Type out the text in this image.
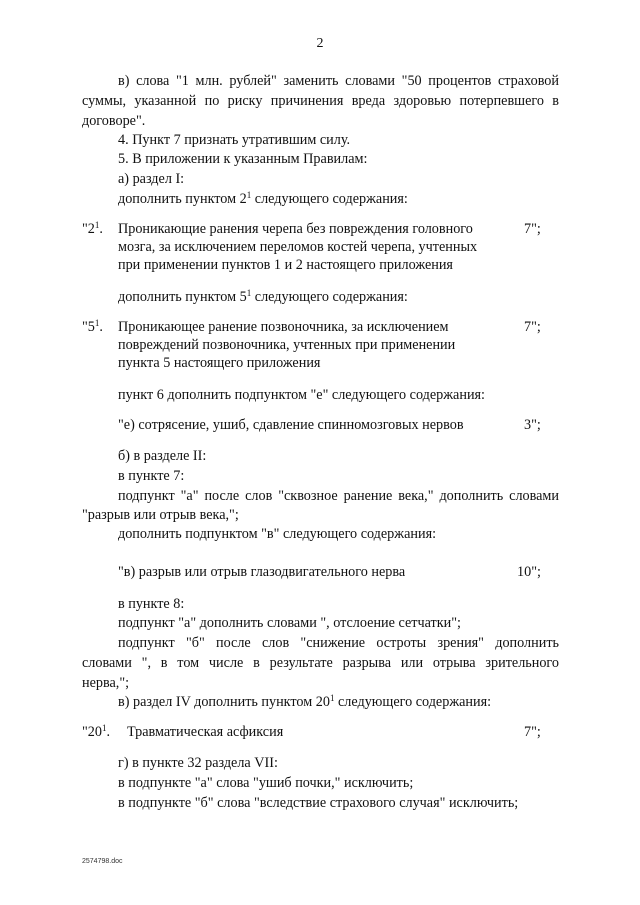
2
в) слова "1 млн. рублей" заменить словами "50 процентов страховой
суммы, указанной по риску причинения вреда здоровью потерпевшего в
договоре".
4. Пункт 7 признать утратившим силу.
5. В приложении к указанным Правилам:
а) раздел I:
дополнить пунктом $2^1$ следующего содержания:
"$2^1$. Проникающие ранения черепа без повреждения головного
мозга, за исключением переломов костей черепа, учтенных
при применении пунктов 1 и 2 настоящего приложения
7";
дополнить пунктом $5^1$ следующего содержания:
"$5^1$. Проникающее ранение позвоночника, за исключением
повреждений позвоночника, учтенных при применении
пункта 5 настоящего приложения
7";
пункт 6 дополнить подпунктом "е" следующего содержания:
"е) сотрясение, ушиб, сдавление спинномозговых нервов	3";
б) в разделе II:
в пункте 7:
подпункт "а" после слов "сквозное ранение века," дополнить словами
"разрыв или отрыв века,";
дополнить подпунктом "в" следующего содержания:
"в) разрыв или отрыв глазодвигательного нерва	10";
в пункте 8:
подпункт "а" дополнить словами ", отслоение сетчатки";
подпункт "б" после слов "снижение остроты зрения" дополнить
словами ", в том числе в результате разрыва или отрыва зрительного
нерва,";
в) раздел IV дополнить пунктом $20^1$ следующего содержания:
"$20^1$. Травматическая асфиксия	7";
г) в пункте 32 раздела VII:
в подпункте "а" слова "ушиб почки," исключить;
в подпункте "б" слова "вследствие страхового случая" исключить;
2574798.doc
